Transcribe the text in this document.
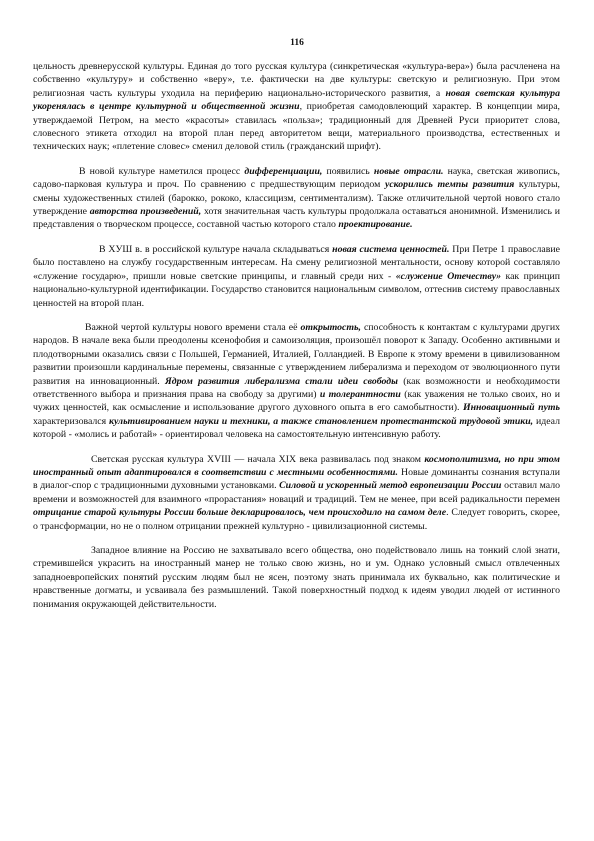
116

цельность древнерусской культуры. Единая до того русская культура (синкретическая «культура-вера») была расчленена на собственно «культуру» и собственно «веру», т.е. фактически на две культуры: светскую и религиозную. При этом религиозная часть культуры уходила на периферию национально-исторического развития, а новая светская культура укоренялась в центре культурной и общественной жизни, приобретая самодовлеющий характер. В концепции мира, утверждаемой Петром, на место «красоты» ставилась «польза»; традиционный для Древней Руси приоритет слова, словесного этикета отходил на второй план перед авторитетом вещи, материального производства, естественных и технических наук; «плетение словес» сменил деловой стиль (гражданский шрифт).

В новой культуре наметился процесс дифференциации, появились новые отрасли. наука, светская живопись, садово-парковая культура и проч. По сравнению с предшествующим периодом ускорились темпы развития культуры, смены художественных стилей (барокко, рококо, классицизм, сентиментализм). Также отличительной чертой нового стало утверждение авторства произведений, хотя значительная часть культуры продолжала оставаться анонимной. Изменились и представления о творческом процессе, составной частью которого стало проектирование.

В ХУШ в. в российской культуре начала складываться новая система ценностей. При Петре 1 православие было поставлено на службу государственным интересам. На смену религиозной ментальности, основу которой составляло «служение государю», пришли новые светские принципы, и главный среди них - «служение Отечеству» как принцип национально-культурной идентификации. Государство становится национальным символом, оттеснив систему православных ценностей на второй план.

Важной чертой культуры нового времени стала её открытость, способность к контактам с культурами других народов. В начале века были преодолены ксенофобия и самоизоляция, произошёл поворот к Западу. Особенно активными и плодотворными оказались связи с Польшей, Германией, Италией, Голландией. В Европе к этому времени в цивилизованном развитии произошли кардинальные перемены, связанные с утверждением либерализма и переходом от эволюционного пути развития на инновационный. Ядром развития либерализма стали идеи свободы (как возможности и необходимости ответственного выбора и признания права на свободу за другими) и толерантности (как уважения не только своих, но и чужих ценностей, как осмысление и использование другого духовного опыта в его самобытности). Инновационный путь характеризовался культивированием науки и техники, а также становлением протестантской трудовой этики, идеал которой - «молись и работай» - ориентировал человека на самостоятельную интенсивную работу.

Светская русская культура XVIII — начала XIX века развивалась под знаком космополитизма, но при этом иностранный опыт адаптировался в соответствии с местными особенностями. Новые доминанты сознания вступали в диалог-спор с традиционными духовными установками. Силовой и ускоренный метод европеизации России оставил мало времени и возможностей для взаимного «прорастания» новаций и традиций. Тем не менее, при всей радикальности перемен отрицание старой культуры России больше декларировалось, чем происходило на самом деле. Следует говорить, скорее, о трансформации, но не о полном отрицании прежней культурно - цивилизационной системы.

Западное влияние на Россию не захватывало всего общества, оно подействовало лишь на тонкий слой знати, стремившейся украсить на иностранный манер не только свою жизнь, но и ум. Однако условный смысл отвлеченных западноевропейских понятий русским людям был не ясен, поэтому знать принимала их буквально, как политические и нравственные догматы, и усваивала без размышлений. Такой поверхностный подход к идеям уводил людей от истинного понимания окружающей действительности.
